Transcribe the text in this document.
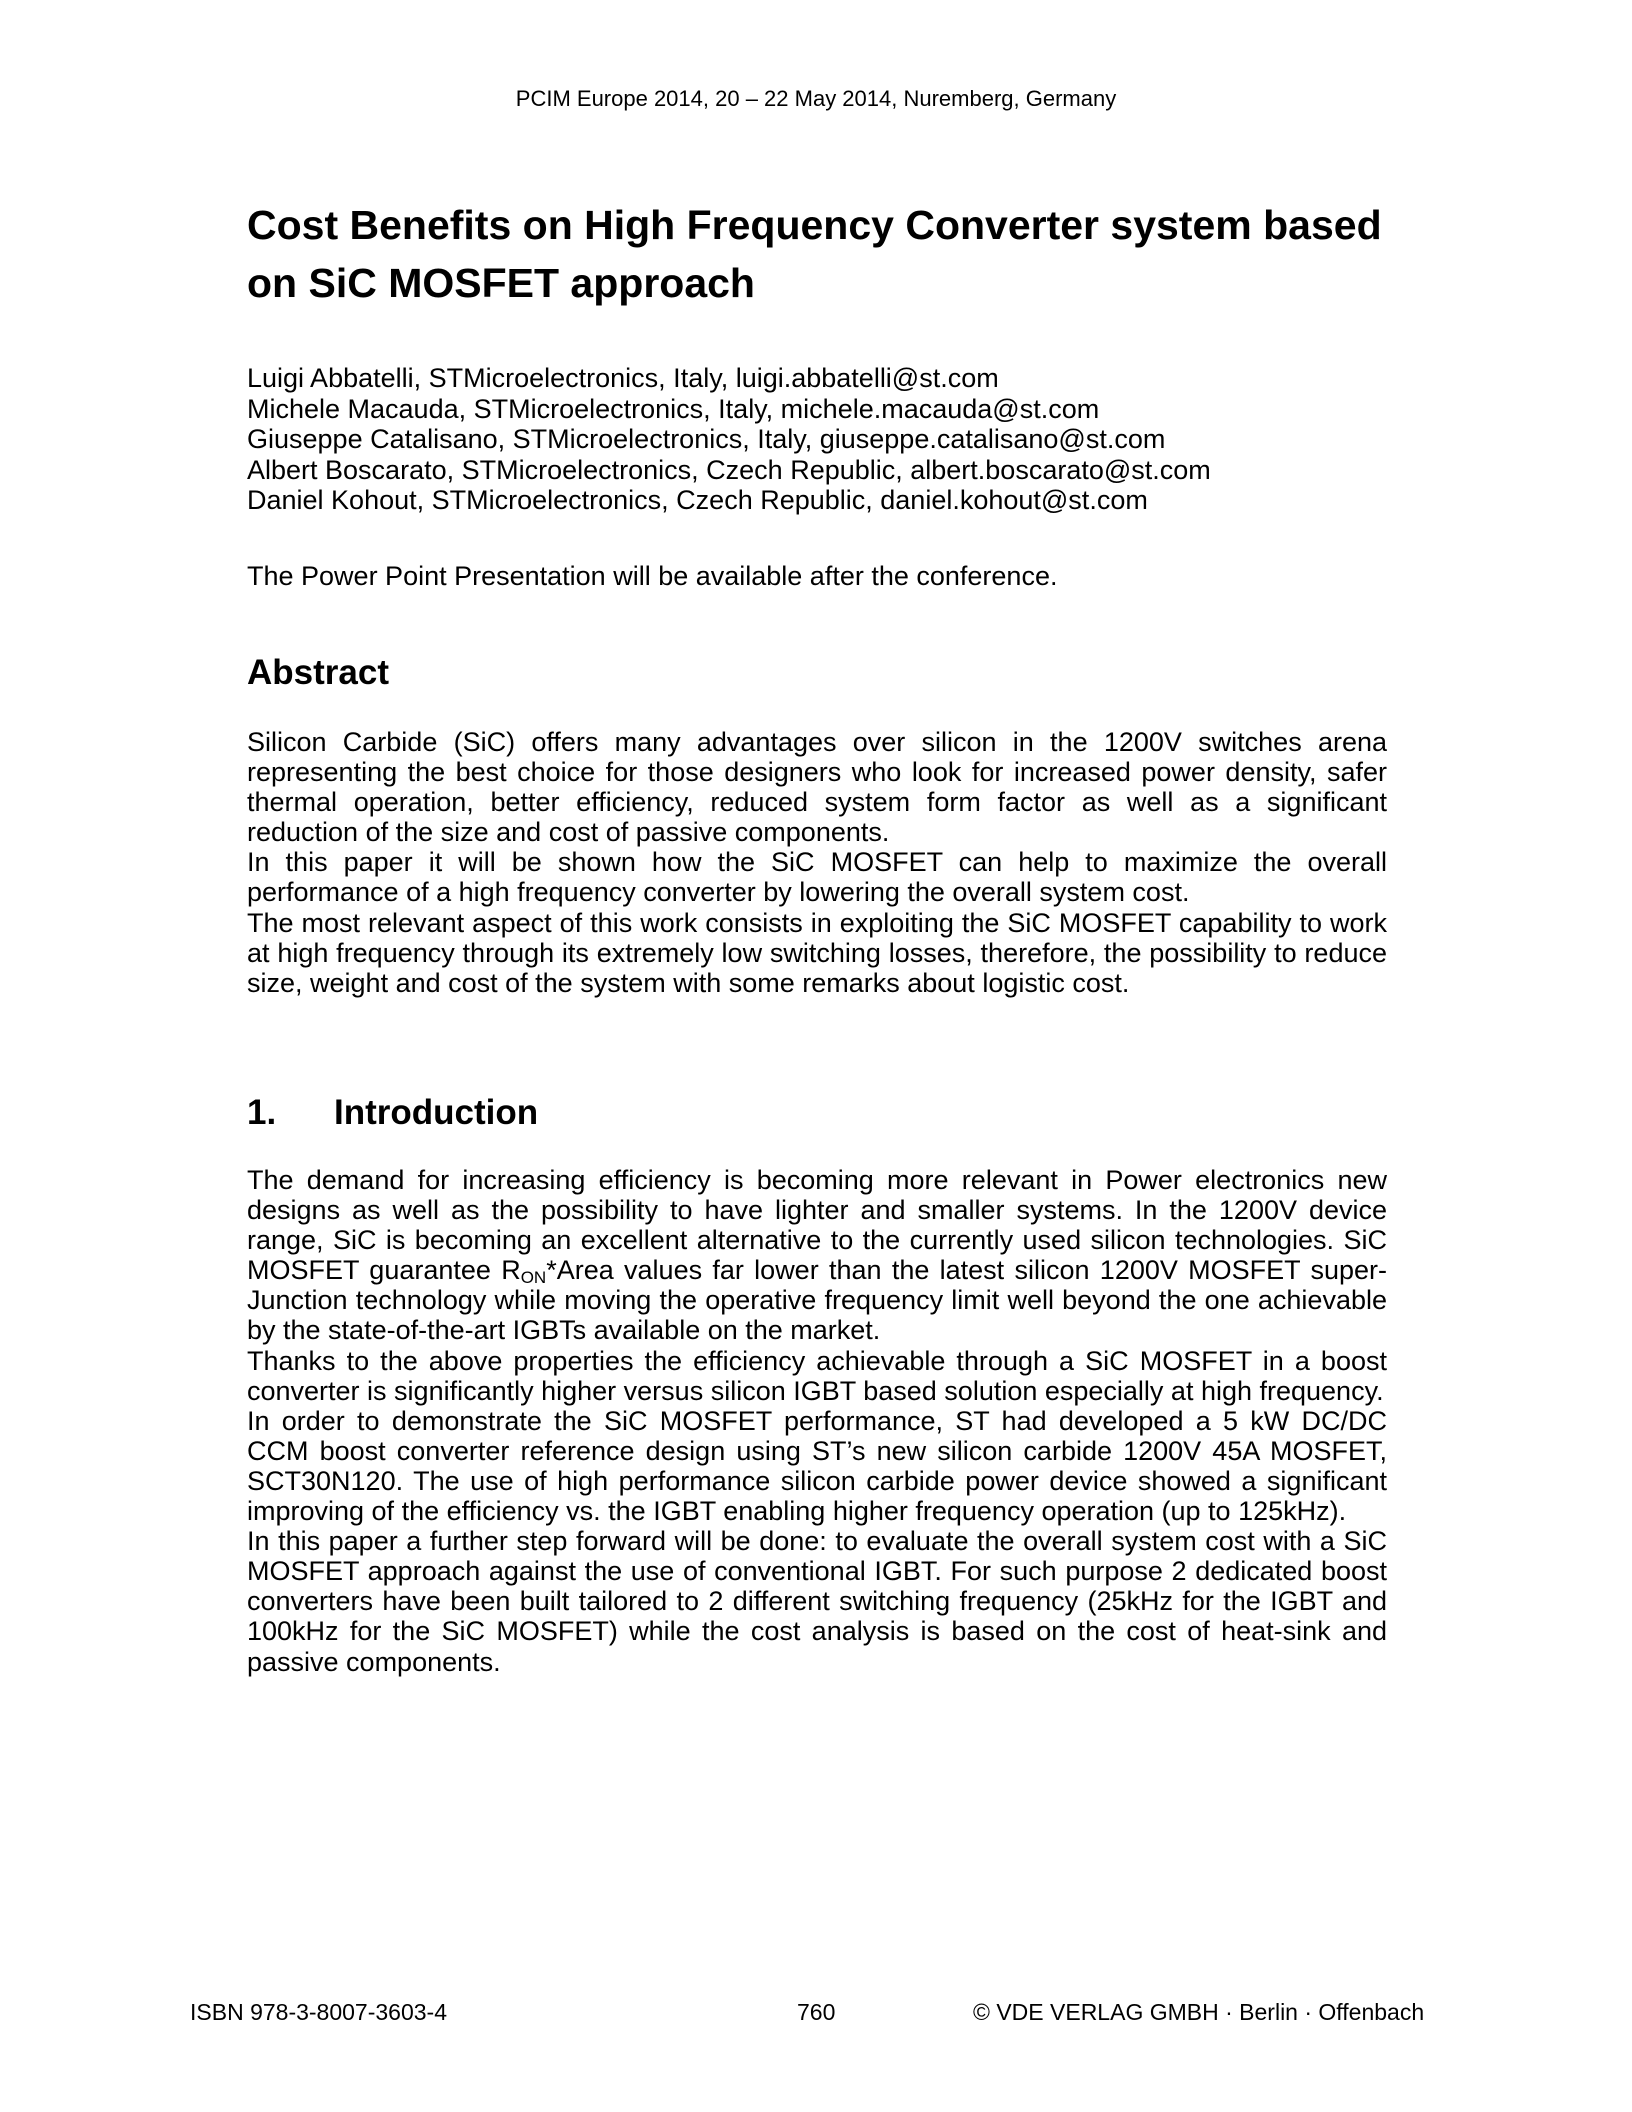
PCIM Europe 2014, 20 – 22 May 2014, Nuremberg, Germany
Cost Benefits on High Frequency Converter system based on SiC MOSFET approach
Luigi Abbatelli, STMicroelectronics, Italy, luigi.abbatelli@st.com
Michele Macauda, STMicroelectronics, Italy, michele.macauda@st.com
Giuseppe Catalisano, STMicroelectronics, Italy, giuseppe.catalisano@st.com
Albert Boscarato, STMicroelectronics, Czech Republic, albert.boscarato@st.com
Daniel Kohout, STMicroelectronics, Czech Republic, daniel.kohout@st.com
The Power Point Presentation will be available after the conference.
Abstract

Silicon Carbide (SiC) offers many advantages over silicon in the 1200V switches arena representing the best choice for those designers who look for increased power density, safer thermal operation, better efficiency, reduced system form factor as well as a significant reduction of the size and cost of passive components.

In this paper it will be shown how the SiC MOSFET can help to maximize the overall performance of a high frequency converter by lowering the overall system cost.

The most relevant aspect of this work consists in exploiting the SiC MOSFET capability to work at high frequency through its extremely low switching losses, therefore, the possibility to reduce size, weight and cost of the system with some remarks about logistic cost.

1. Introduction

The demand for increasing efficiency is becoming more relevant in Power electronics new designs as well as the possibility to have lighter and smaller systems. In the 1200V device range, SiC is becoming an excellent alternative to the currently used silicon technologies. SiC MOSFET guarantee $R_{ON}*Area$ values far lower than the latest silicon 1200V MOSFET super-Junction technology while moving the operative frequency limit well beyond the one achievable by the state-of-the-art IGBTs available on the market.

Thanks to the above properties the efficiency achievable through a SiC MOSFET in a boost converter is significantly higher versus silicon IGBT based solution especially at high frequency.

In order to demonstrate the SiC MOSFET performance, ST had developed a 5 kW DC/DC CCM boost converter reference design using ST’s new silicon carbide 1200V 45A MOSFET, SCT30N120. The use of high performance silicon carbide power device showed a significant improving of the efficiency vs. the IGBT enabling higher frequency operation (up to 125kHz).

In this paper a further step forward will be done: to evaluate the overall system cost with a SiC MOSFET approach against the use of conventional IGBT. For such purpose 2 dedicated boost converters have been built tailored to 2 different switching frequency (25kHz for the IGBT and 100kHz for the SiC MOSFET) while the cost analysis is based on the cost of heat-sink and passive components.

ISBN 978-3-8007-3603-4	760	© VDE VERLAG GMBH · Berlin · Offenbach
